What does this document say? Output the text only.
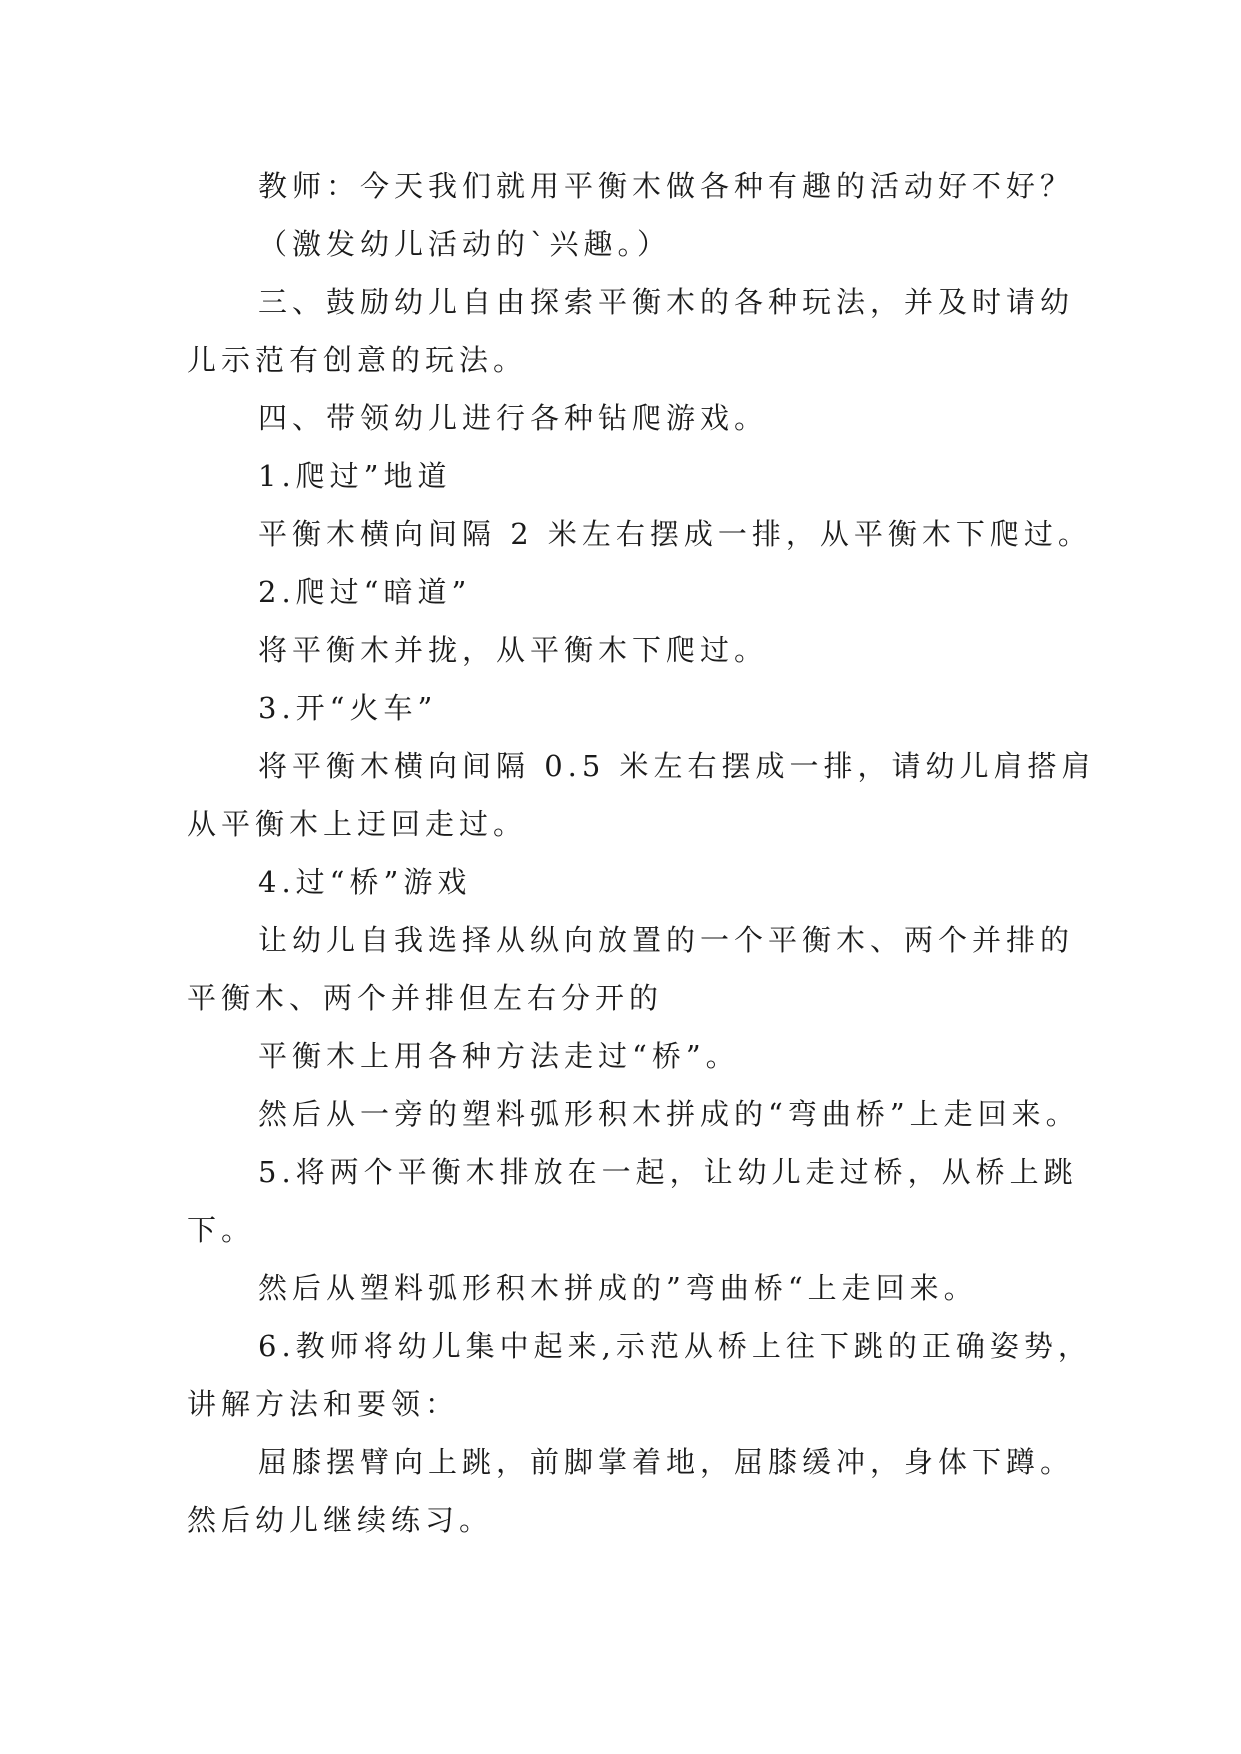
教师：今天我们就用平衡木做各种有趣的活动好不好？
（激发幼儿活动的`兴趣。）
三、鼓励幼儿自由探索平衡木的各种玩法，并及时请幼
儿示范有创意的玩法。
四、带领幼儿进行各种钻爬游戏。
1.爬过”地道
平衡木横向间隔 2 米左右摆成一排，从平衡木下爬过。
2.爬过“暗道”
将平衡木并拢，从平衡木下爬过。
3.开“火车”
将平衡木横向间隔 0.5 米左右摆成一排，请幼儿肩搭肩
从平衡木上迂回走过。
4.过“桥”游戏
让幼儿自我选择从纵向放置的一个平衡木、两个并排的
平衡木、两个并排但左右分开的
平衡木上用各种方法走过“桥”。
然后从一旁的塑料弧形积木拼成的“弯曲桥”上走回来。
5.将两个平衡木排放在一起，让幼儿走过桥，从桥上跳
下。
然后从塑料弧形积木拼成的”弯曲桥“上走回来。
6.教师将幼儿集中起来,示范从桥上往下跳的正确姿势，
讲解方法和要领：
屈膝摆臂向上跳，前脚掌着地，屈膝缓冲，身体下蹲。
然后幼儿继续练习。
